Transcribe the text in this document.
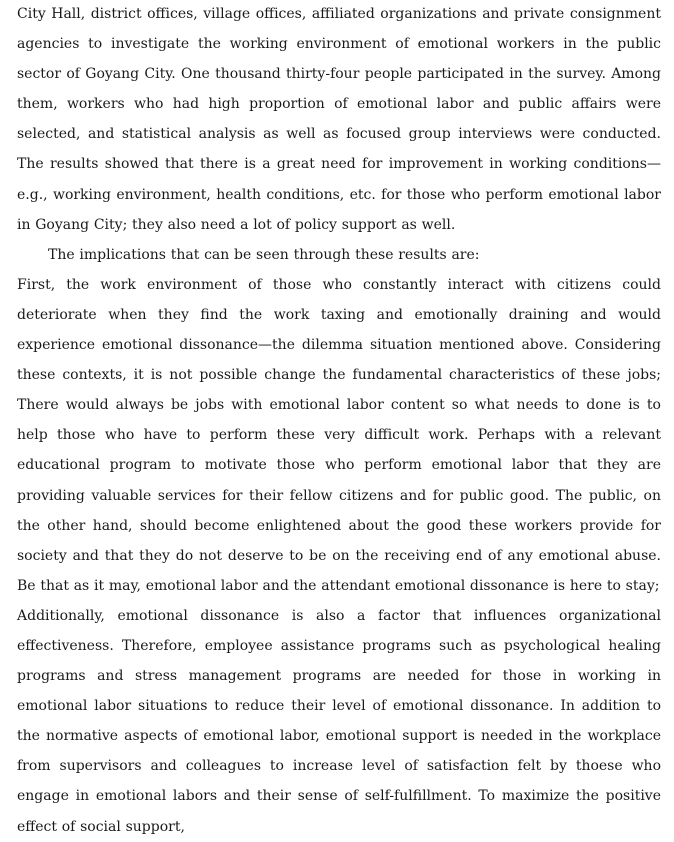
City Hall, district offices, village offices, affiliated organizations and private consignment agencies to investigate the working environment of emotional workers in the public sector of Goyang City. One thousand thirty-four people participated in the survey. Among them, workers who had high proportion of emotional labor and public affairs were selected, and statistical analysis as well as focused group interviews were conducted. The results showed that there is a great need for improvement in working conditions—e.g., working environment, health conditions, etc. for those who perform emotional labor in Goyang City; they also need a lot of policy support as well.

The implications that can be seen through these results are:

First, the work environment of those who constantly interact with citizens could deteriorate when they find the work taxing and emotionally draining and would experience emotional dissonance—the dilemma situation mentioned above. Considering these contexts, it is not possible change the fundamental characteristics of these jobs; There would always be jobs with emotional labor content so what needs to done is to help those who have to perform these very difficult work. Perhaps with a relevant educational program to motivate those who perform emotional labor that they are providing valuable services for their fellow citizens and for public good. The public, on the other hand, should become enlightened about the good these workers provide for society and that they do not deserve to be on the receiving end of any emotional abuse. Be that as it may, emotional labor and the attendant emotional dissonance is here to stay;

Additionally, emotional dissonance is also a factor that influences organizational effectiveness. Therefore, employee assistance programs such as psychological healing programs and stress management programs are needed for those in working in emotional labor situations to reduce their level of emotional dissonance. In addition to the normative aspects of emotional labor, emotional support is needed in the workplace from supervisors and colleagues to increase level of satisfaction felt by thoese who engage in emotional labors and their sense of self-fulfillment. To maximize the positive effect of social support,
